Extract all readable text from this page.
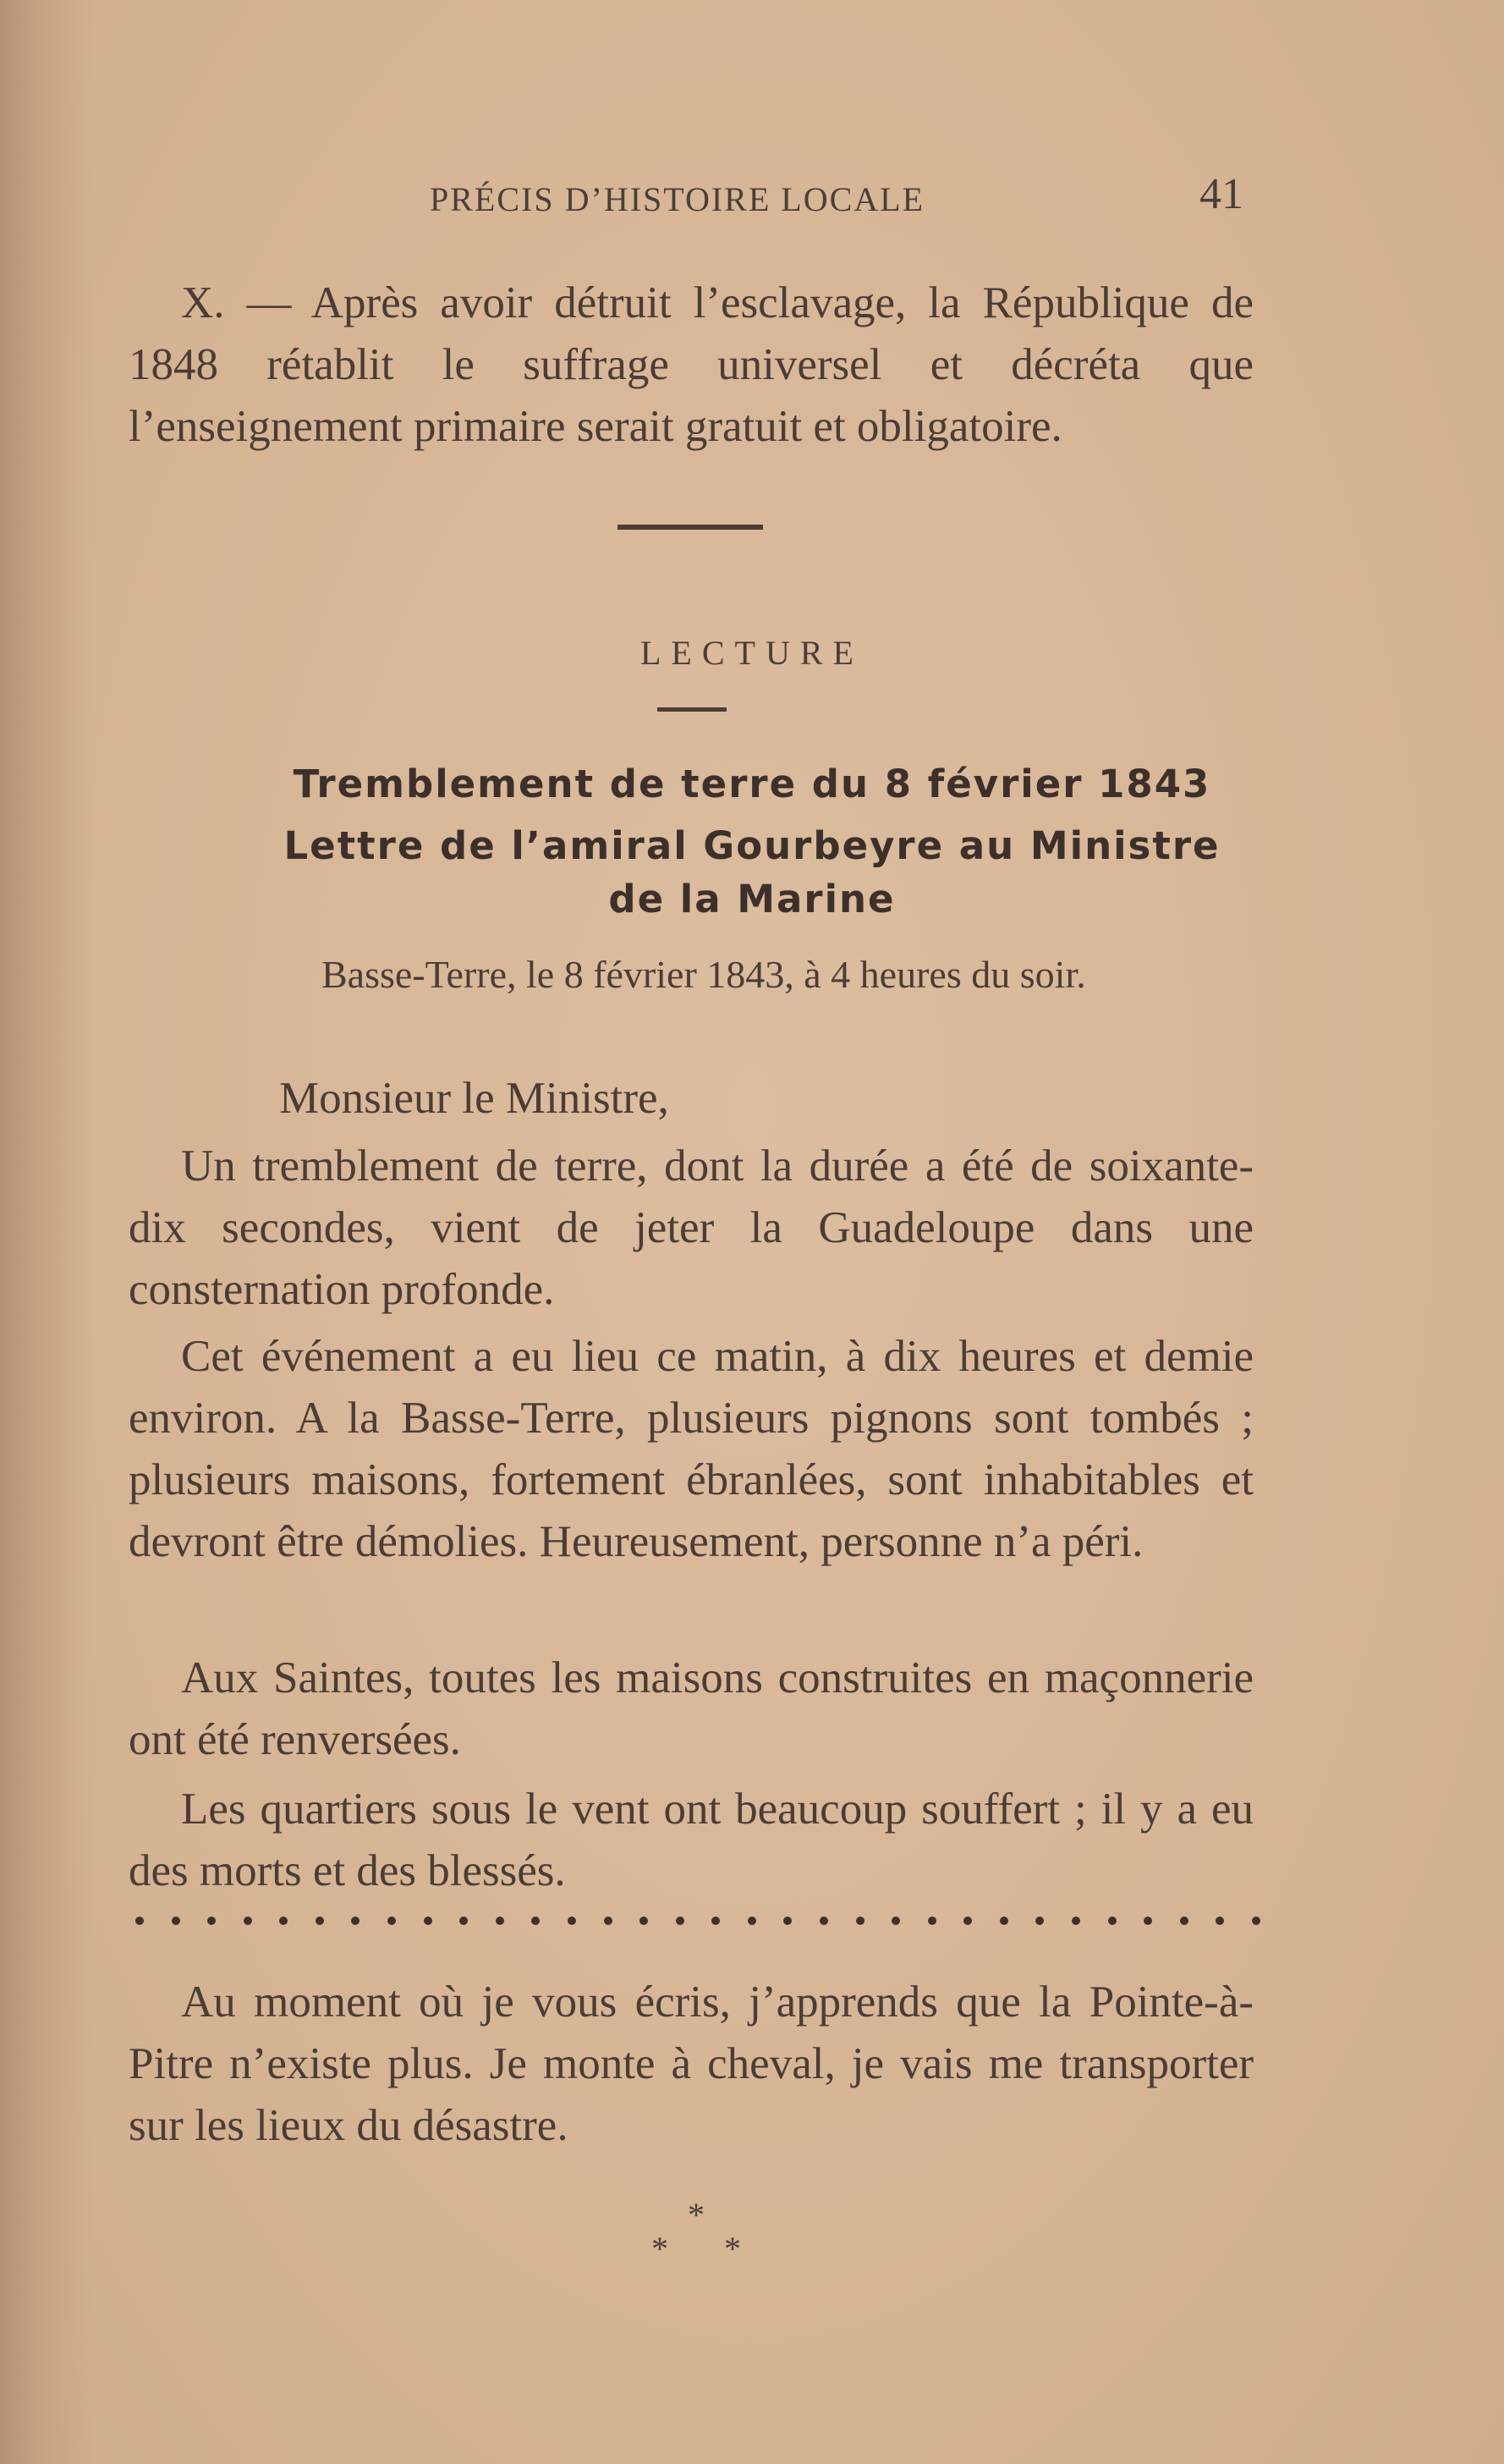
PRÉCIS D’HISTOIRE LOCALE	41

X. — Après avoir détruit l’esclavage, la République de 1848 rétablit le suffrage universel et décréta que l’enseignement primaire serait gratuit et obligatoire.

LECTURE
Tremblement de terre du 8 février 1843
Lettre de l’amiral Gourbeyre au Ministre
de la Marine
Basse-Terre, le 8 février 1843, à 4 heures du soir.

Monsieur le Ministre,

Un tremblement de terre, dont la durée a été de soixante-dix secondes, vient de jeter la Guadeloupe dans une consternation profonde.

Cet événement a eu lieu ce matin, à dix heures et demie environ. A la Basse-Terre, plusieurs pignons sont tombés ; plusieurs maisons, fortement ébranlées, sont inhabitables et devront être démolies. Heureusement, personne n’a péri.

Aux Saintes, toutes les maisons construites en maçonnerie ont été renversées.

Les quartiers sous le vent ont beaucoup souffert ; il y a eu des morts et des blessés.

Au moment où je vous écris, j’apprends que la Pointe-à-Pitre n’existe plus. Je monte à cheval, je vais me transporter sur les lieux du désastre.

*
* *
